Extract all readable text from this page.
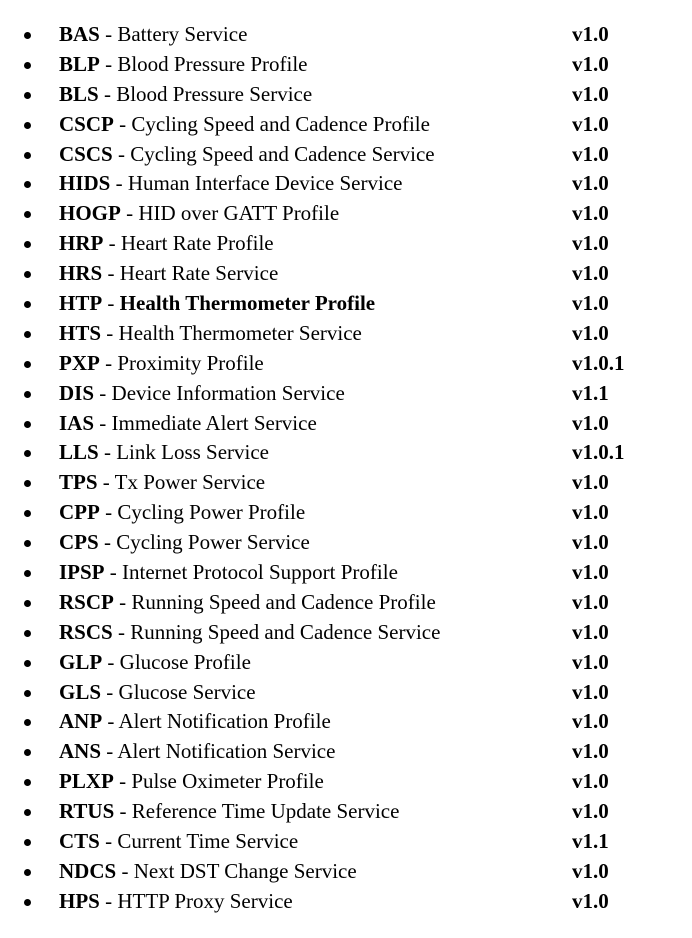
BAS - Battery Service	v1.0
BLP - Blood Pressure Profile	v1.0
BLS - Blood Pressure Service	v1.0
CSCP - Cycling Speed and Cadence Profile	v1.0
CSCS - Cycling Speed and Cadence Service	v1.0
HIDS - Human Interface Device Service	v1.0
HOGP - HID over GATT Profile	v1.0
HRP - Heart Rate Profile	v1.0
HRS - Heart Rate Service	v1.0
HTP - Health Thermometer Profile	v1.0
HTS - Health Thermometer Service	v1.0
PXP - Proximity Profile	v1.0.1
DIS - Device Information Service	v1.1
IAS - Immediate Alert Service	v1.0
LLS - Link Loss Service	v1.0.1
TPS - Tx Power Service	v1.0
CPP - Cycling Power Profile	v1.0
CPS - Cycling Power Service	v1.0
IPSP - Internet Protocol Support Profile	v1.0
RSCP - Running Speed and Cadence Profile	v1.0
RSCS - Running Speed and Cadence Service	v1.0
GLP - Glucose Profile	v1.0
GLS - Glucose Service	v1.0
ANP - Alert Notification Profile	v1.0
ANS - Alert Notification Service	v1.0
PLXP - Pulse Oximeter Profile	v1.0
RTUS - Reference Time Update Service	v1.0
CTS - Current Time Service	v1.1
NDCS - Next DST Change Service	v1.0
HPS - HTTP Proxy Service	v1.0
